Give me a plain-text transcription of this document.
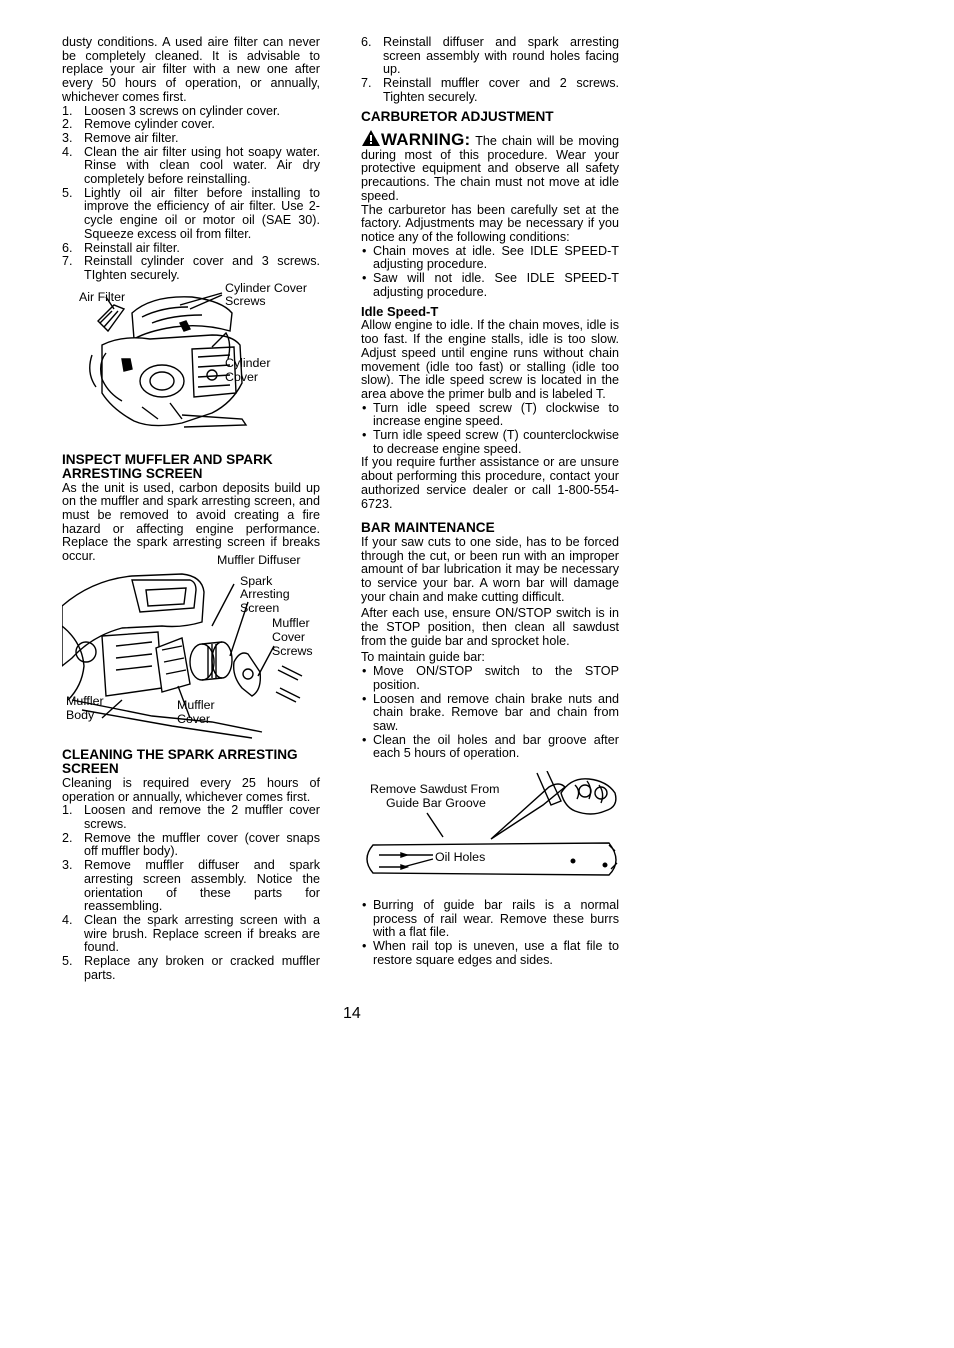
dusty conditions. A used aire filter can never be completely cleaned. It is advisable to replace your air filter with a new one after every 50 hours of operation, or annually, whichever comes first.

1. Loosen 3 screws on cylinder cover.
2. Remove cylinder cover.
3. Remove air filter.
4. Clean the air filter using hot soapy water. Rinse with clean cool water. Air dry completely before reinstalling.
5. Lightly oil air filter before installing to improve the efficiency of air filter. Use 2-cycle engine oil or motor oil (SAE 30). Squeeze excess oil from filter.
6. Reinstall air filter.
7. Reinstall cylinder cover and 3 screws. TIghten securely.
Air Filter
Cylinder Cover
Screws
Cylinder
Cover
INSPECT MUFFLER AND SPARK ARRESTING SCREEN

As the unit is used, carbon deposits build up on the muffler and spark arresting screen, and must be removed to avoid creating a fire hazard or affecting engine performance. Replace the spark arresting screen if breaks occur.	Muffler Diffuser
Spark
Arresting
Screen
Muffler
Cover
Screws
Muffler
Body
Muffler
Cover
CLEANING THE SPARK ARRESTING SCREEN

Cleaning is required every 25 hours of operation or annually, whichever comes first.

1. Loosen and remove the 2 muffler cover screws.
2. Remove the muffler cover (cover snaps off muffler body).
3. Remove muffler diffuser and spark arresting screen assembly. Notice the orientation of these parts for reassembling.
4. Clean the spark arresting screen with a wire brush. Replace screen if breaks are found.
5. Replace any broken or cracked muffler parts.
6. Reinstall diffuser and spark arresting screen assembly with round holes facing up.
7. Reinstall muffler cover and 2 screws. Tighten securely.
CARBURETOR ADJUSTMENT

WARNING: The chain will be moving during most of this procedure. Wear your protective equipment and observe all safety precautions. The chain must not move at idle speed.

The carburetor has been carefully set at the factory. Adjustments may be necessary if you notice any of the following conditions:

• Chain moves at idle. See IDLE SPEED-T adjusting procedure.
• Saw will not idle. See IDLE SPEED-T adjusting procedure.
Idle Speed-T

Allow engine to idle. If the chain moves, idle is too fast. If the engine stalls, idle is too slow. Adjust speed until engine runs without chain movement (idle too fast) or stalling (idle too slow). The idle speed screw is located in the area above the primer bulb and is labeled T.

• Turn idle speed screw (T) clockwise to increase engine speed.
• Turn idle speed screw (T) counterclockwise to decrease engine speed.

If you require further assistance or are unsure about performing this procedure, contact your authorized service dealer or call 1-800-554-6723.

BAR MAINTENANCE

If your saw cuts to one side, has to be forced through the cut, or been run with an improper amount of bar lubrication it may be necessary to service your bar. A worn bar will damage your chain and make cutting difficult.

After each use, ensure ON/STOP switch is in the STOP position, then clean all sawdust from the guide bar and sprocket hole.

To maintain guide bar:

• Move ON/STOP switch to the STOP position.
• Loosen and remove chain brake nuts and chain brake. Remove bar and chain from saw.
• Clean the oil holes and bar groove after each 5 hours of operation.
Remove Sawdust From
Guide Bar Groove
Oil Holes
• Burring of guide bar rails is a normal process of rail wear. Remove these burrs with a flat file.
• When rail top is uneven, use a flat file to restore square edges and sides.
14
